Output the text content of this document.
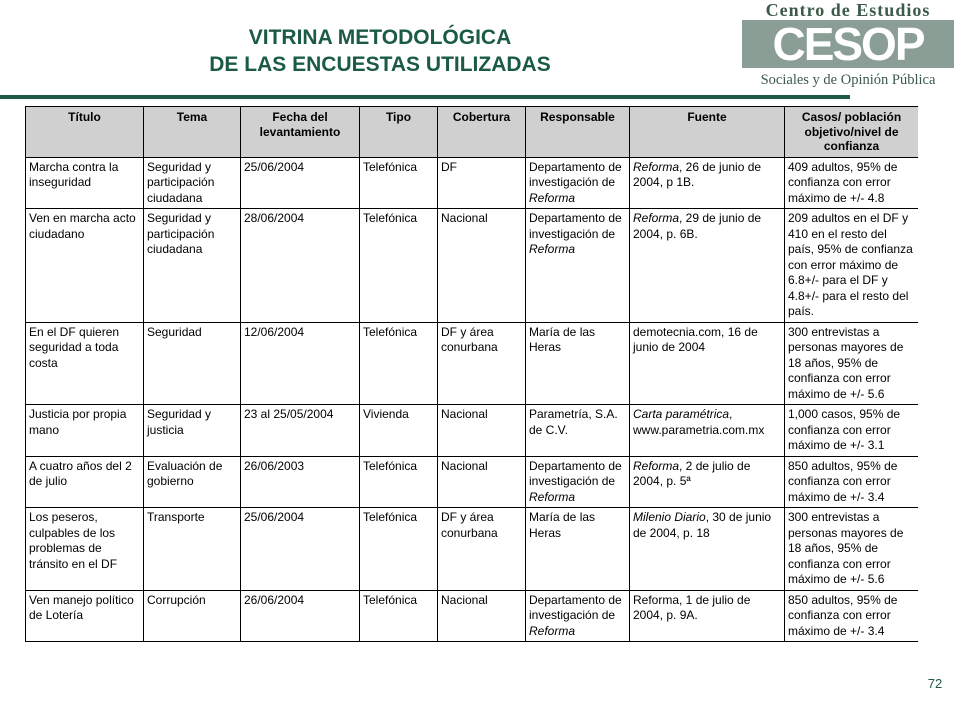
VITRINA METODOLÓGICA
DE LAS ENCUESTAS UTILIZADAS
Centro de Estudios
CESOP
Sociales y de Opinión Pública
Título	Tema	Fecha del levantamiento	Tipo	Cobertura	Responsable	Fuente	Casos/ población objetivo/nivel de confianza
Marcha contra la inseguridad	Seguridad y participación ciudadana	25/06/2004	Telefónica	DF	Departamento de investigación de Reforma	Reforma, 26 de junio de 2004, p 1B.	409 adultos, 95% de confianza con error máximo de +/- 4.8
Ven en marcha acto ciudadano	Seguridad y participación ciudadana	28/06/2004	Telefónica	Nacional	Departamento de investigación de Reforma	Reforma, 29 de junio de 2004, p. 6B.	209 adultos en el DF y 410 en el resto del país, 95% de confianza con error máximo de 6.8+/- para el DF y 4.8+/- para el resto del país.
En el DF quieren seguridad a toda costa	Seguridad	12/06/2004	Telefónica	DF y área conurbana	María de las Heras	demotecnia.com, 16 de junio de 2004	300 entrevistas a personas mayores de 18 años, 95% de confianza con error máximo de +/- 5.6
Justicia por propia mano	Seguridad y justicia	23 al 25/05/2004	Vivienda	Nacional	Parametría, S.A. de C.V.	Carta paramétrica, www.parametria.com.mx	1,000 casos, 95% de confianza con error máximo de +/- 3.1
A cuatro años del 2 de julio	Evaluación de gobierno	26/06/2003	Telefónica	Nacional	Departamento de investigación de Reforma	Reforma, 2 de julio de 2004, p. 5ª	850 adultos, 95% de confianza con error máximo de +/- 3.4
Los peseros, culpables de los problemas de tránsito en el DF	Transporte	25/06/2004	Telefónica	DF y área conurbana	María de las Heras	Milenio Diario, 30 de junio de 2004, p. 18	300 entrevistas a personas mayores de 18 años, 95% de confianza con error máximo de +/- 5.6
Ven manejo político de Lotería	Corrupción	26/06/2004	Telefónica	Nacional	Departamento de investigación de Reforma	Reforma, 1 de julio de 2004, p. 9A.	850 adultos, 95% de confianza con error máximo de +/- 3.4
72
